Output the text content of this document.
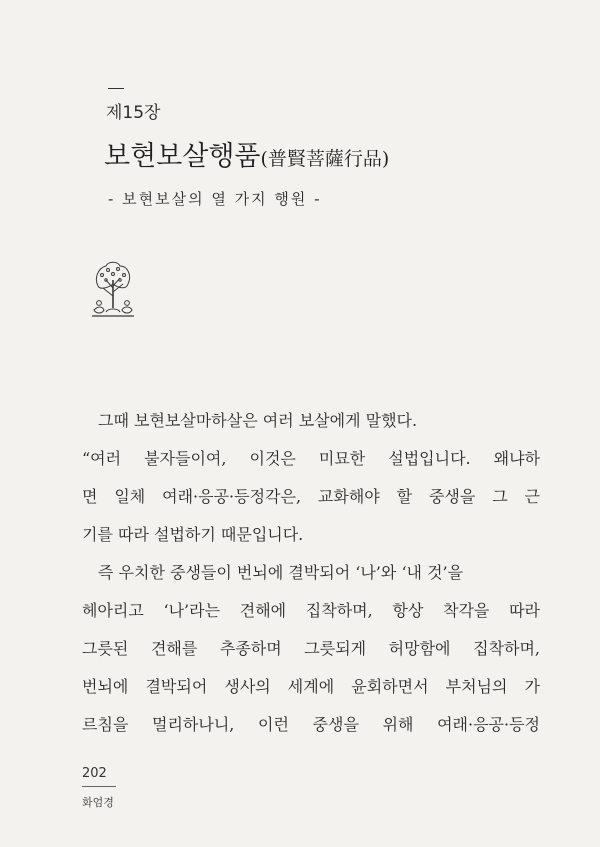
제15장
보현보살행품(普賢菩薩行品)
- 보현보살의 열 가지 행원 -
그때 보현보살마하살은 여러 보살에게 말했다.
“여러 불자들이여, 이것은 미묘한 설법입니다. 왜냐하
면 일체 여래·응공·등정각은, 교화해야 할 중생을 그 근
기를 따라 설법하기 때문입니다.
즉 우치한 중생들이 번뇌에 결박되어 ‘나’와 ‘내 것’을
헤아리고 ‘나’라는 견해에 집착하며, 항상 착각을 따라
그릇된 견해를 추종하며 그릇되게 허망함에 집착하며,
번뇌에 결박되어 생사의 세계에 윤회하면서 부처님의 가
르침을 멀리하나니, 이런 중생을 위해 여래·응공·등정
202
화엄경
